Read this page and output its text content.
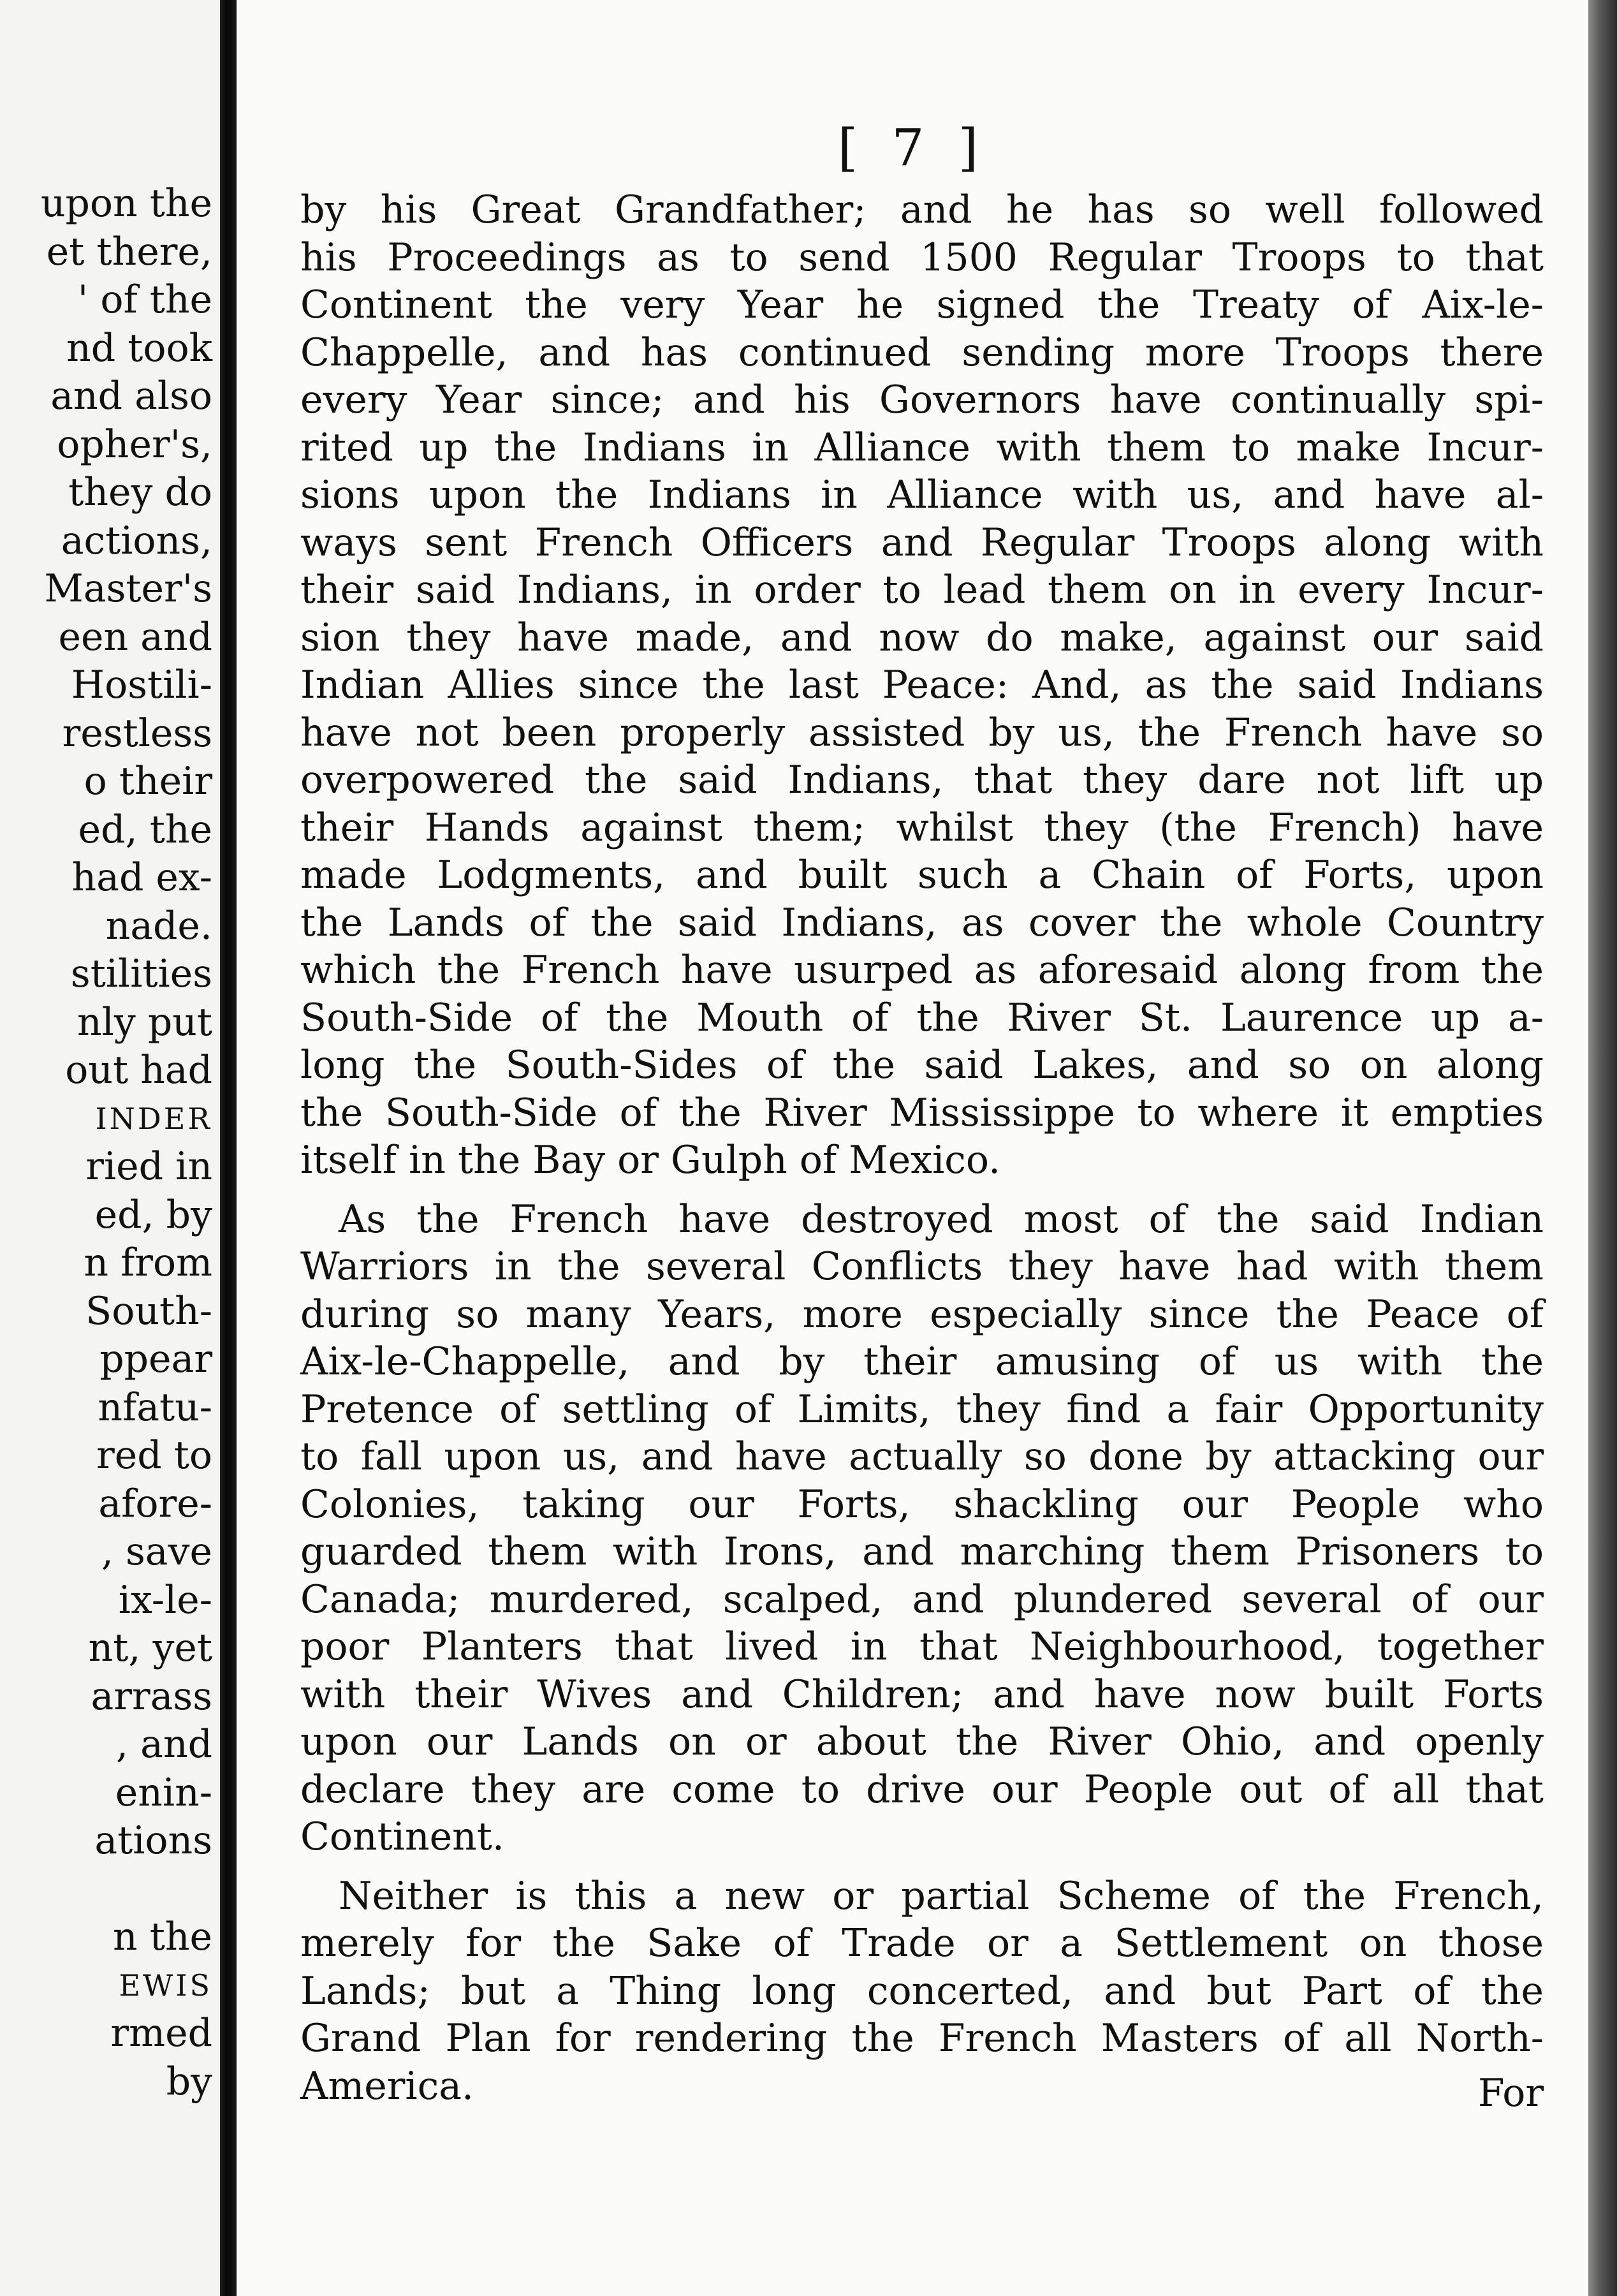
upon the
et there,
' of the
nd took
and also
opher's,
they do
actions,
Master's
een and
Hostili-
restless
o their
ed, the
had ex-
nade.
stilities
nly put
out had
INDER
ried in
ed, by
n from
South-
ppear
nfatu-
red to
afore-
, save
ix-le-
nt, yet
arrass
, and
enin-
ations
n the
EWIS
rmed
by
[ 7 ]
by his Great Grandfather; and he has so well followed
his Proceedings as to send 1500 Regular Troops to that
Continent the very Year he signed the Treaty of Aix-le-
Chappelle, and has continued sending more Troops there
every Year since; and his Governors have continually spi-
rited up the Indians in Alliance with them to make Incur-
sions upon the Indians in Alliance with us, and have al-
ways sent French Officers and Regular Troops along with
their said Indians, in order to lead them on in every Incur-
sion they have made, and now do make, against our said
Indian Allies since the last Peace: And, as the said Indians
have not been properly assisted by us, the French have so
overpowered the said Indians, that they dare not lift up
their Hands against them; whilst they (the French) have
made Lodgments, and built such a Chain of Forts, upon
the Lands of the said Indians, as cover the whole Country
which the French have usurped as aforesaid along from the
South-Side of the Mouth of the River St. Laurence up a-
long the South-Sides of the said Lakes, and so on along
the South-Side of the River Mississippe to where it empties
itself in the Bay or Gulph of Mexico.
As the French have destroyed most of the said Indian
Warriors in the several Conflicts they have had with them
during so many Years, more especially since the Peace of
Aix-le-Chappelle, and by their amusing of us with the
Pretence of settling of Limits, they find a fair Opportunity
to fall upon us, and have actually so done by attacking our
Colonies, taking our Forts, shackling our People who
guarded them with Irons, and marching them Prisoners to
Canada; murdered, scalped, and plundered several of our
poor Planters that lived in that Neighbourhood, together
with their Wives and Children; and have now built Forts
upon our Lands on or about the River Ohio, and openly
declare they are come to drive our People out of all that
Continent.
Neither is this a new or partial Scheme of the French,
merely for the Sake of Trade or a Settlement on those
Lands; but a Thing long concerted, and but Part of the
Grand Plan for rendering the French Masters of all North-
America.	For
